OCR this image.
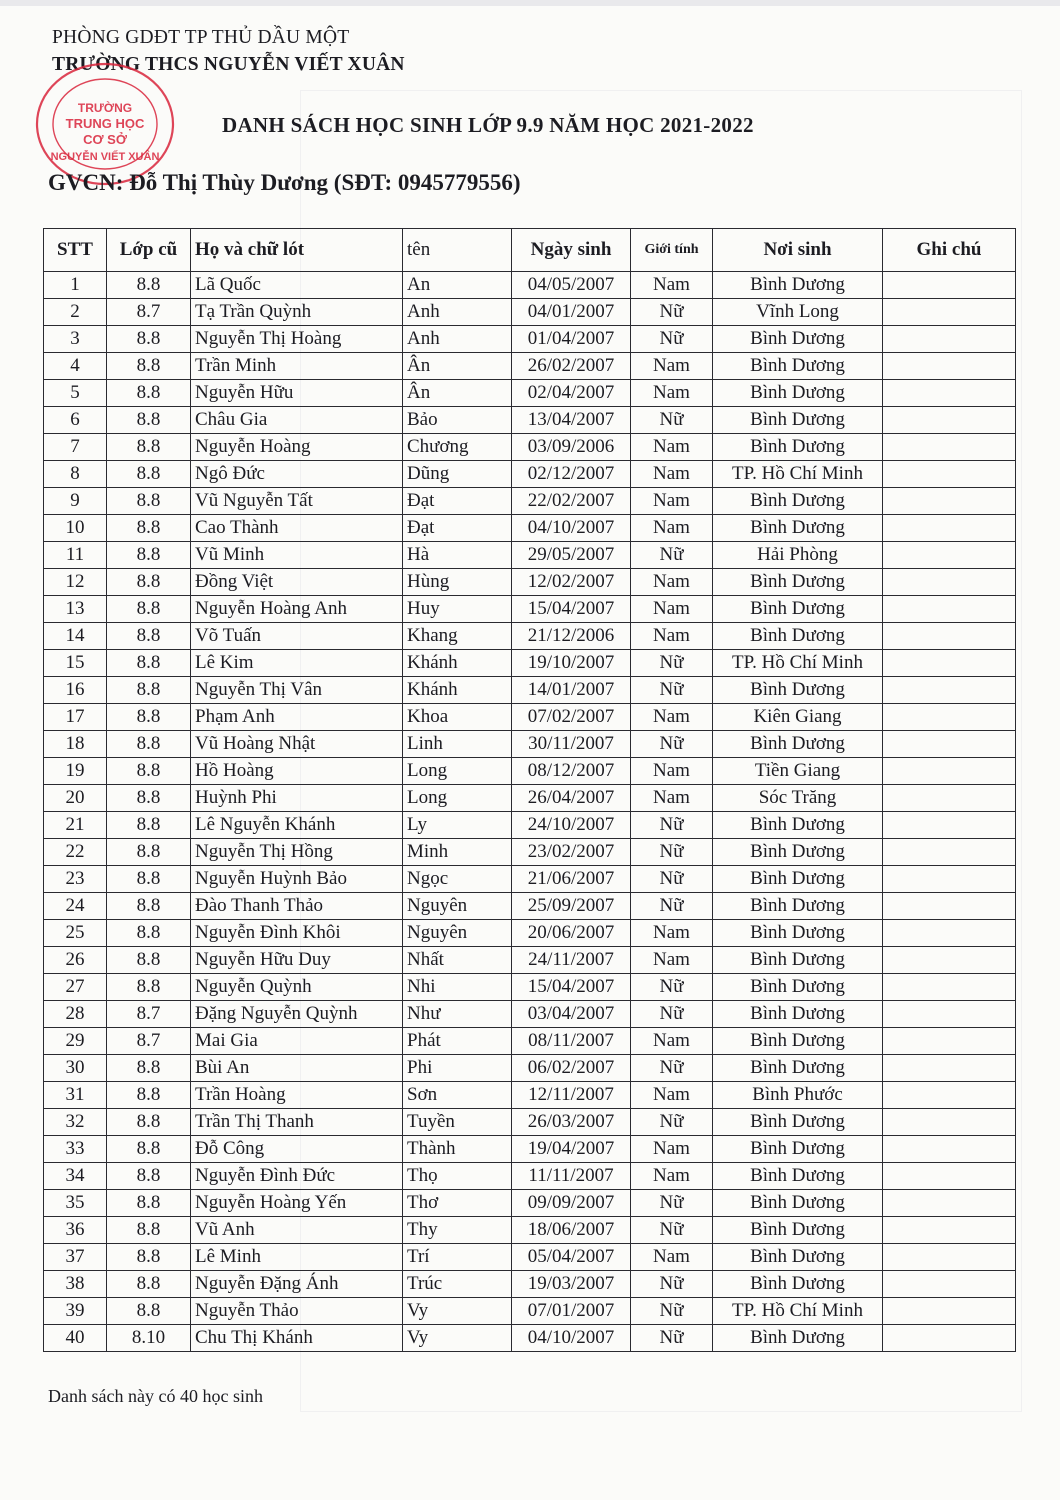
PHÒNG GDĐT TP THỦ DẦU MỘT
TRƯỜNG THCS NGUYỄN VIẾT XUÂN
TRƯỜNG
TRUNG HỌC
CƠ SỞ
NGUYỄN VIẾT XUÂN
DANH SÁCH HỌC SINH LỚP 9.9 NĂM HỌC 2021-2022
GVCN: Đỗ Thị Thùy Dương (SĐT: 0945779556)
STT	Lớp cũ	Họ và chữ lót	tên	Ngày sinh	Giới tính	Nơi sinh	Ghi chú
1	8.8	Lã Quốc	An	04/05/2007	Nam	Bình Dương	
2	8.7	Tạ Trần Quỳnh	Anh	04/01/2007	Nữ	Vĩnh Long	
3	8.8	Nguyễn Thị Hoàng	Anh	01/04/2007	Nữ	Bình Dương	
4	8.8	Trần Minh	Ân	26/02/2007	Nam	Bình Dương	
5	8.8	Nguyễn Hữu	Ân	02/04/2007	Nam	Bình Dương	
6	8.8	Châu Gia	Bảo	13/04/2007	Nữ	Bình Dương	
7	8.8	Nguyễn Hoàng	Chương	03/09/2006	Nam	Bình Dương	
8	8.8	Ngô Đức	Dũng	02/12/2007	Nam	TP. Hồ Chí Minh	
9	8.8	Vũ Nguyễn Tất	Đạt	22/02/2007	Nam	Bình Dương	
10	8.8	Cao Thành	Đạt	04/10/2007	Nam	Bình Dương	
11	8.8	Vũ Minh	Hà	29/05/2007	Nữ	Hải Phòng	
12	8.8	Đồng Việt	Hùng	12/02/2007	Nam	Bình Dương	
13	8.8	Nguyễn Hoàng Anh	Huy	15/04/2007	Nam	Bình Dương	
14	8.8	Võ Tuấn	Khang	21/12/2006	Nam	Bình Dương	
15	8.8	Lê Kim	Khánh	19/10/2007	Nữ	TP. Hồ Chí Minh	
16	8.8	Nguyễn Thị Vân	Khánh	14/01/2007	Nữ	Bình Dương	
17	8.8	Phạm Anh	Khoa	07/02/2007	Nam	Kiên Giang	
18	8.8	Vũ Hoàng Nhật	Linh	30/11/2007	Nữ	Bình Dương	
19	8.8	Hồ Hoàng	Long	08/12/2007	Nam	Tiền Giang	
20	8.8	Huỳnh Phi	Long	26/04/2007	Nam	Sóc Trăng	
21	8.8	Lê Nguyễn Khánh	Ly	24/10/2007	Nữ	Bình Dương	
22	8.8	Nguyễn Thị Hồng	Minh	23/02/2007	Nữ	Bình Dương	
23	8.8	Nguyễn Huỳnh Bảo	Ngọc	21/06/2007	Nữ	Bình Dương	
24	8.8	Đào Thanh Thảo	Nguyên	25/09/2007	Nữ	Bình Dương	
25	8.8	Nguyễn Đình Khôi	Nguyên	20/06/2007	Nam	Bình Dương	
26	8.8	Nguyễn Hữu Duy	Nhất	24/11/2007	Nam	Bình Dương	
27	8.8	Nguyễn Quỳnh	Nhi	15/04/2007	Nữ	Bình Dương	
28	8.7	Đặng Nguyễn Quỳnh	Như	03/04/2007	Nữ	Bình Dương	
29	8.7	Mai Gia	Phát	08/11/2007	Nam	Bình Dương	
30	8.8	Bùi An	Phi	06/02/2007	Nữ	Bình Dương	
31	8.8	Trần Hoàng	Sơn	12/11/2007	Nam	Bình Phước	
32	8.8	Trần Thị Thanh	Tuyền	26/03/2007	Nữ	Bình Dương	
33	8.8	Đỗ Công	Thành	19/04/2007	Nam	Bình Dương	
34	8.8	Nguyễn Đình Đức	Thọ	11/11/2007	Nam	Bình Dương	
35	8.8	Nguyễn Hoàng Yến	Thơ	09/09/2007	Nữ	Bình Dương	
36	8.8	Vũ Anh	Thy	18/06/2007	Nữ	Bình Dương	
37	8.8	Lê Minh	Trí	05/04/2007	Nam	Bình Dương	
38	8.8	Nguyễn Đặng Ánh	Trúc	19/03/2007	Nữ	Bình Dương	
39	8.8	Nguyễn Thảo	Vy	07/01/2007	Nữ	TP. Hồ Chí Minh	
40	8.10	Chu Thị Khánh	Vy	04/10/2007	Nữ	Bình Dương	
Danh sách này có 40 học sinh
